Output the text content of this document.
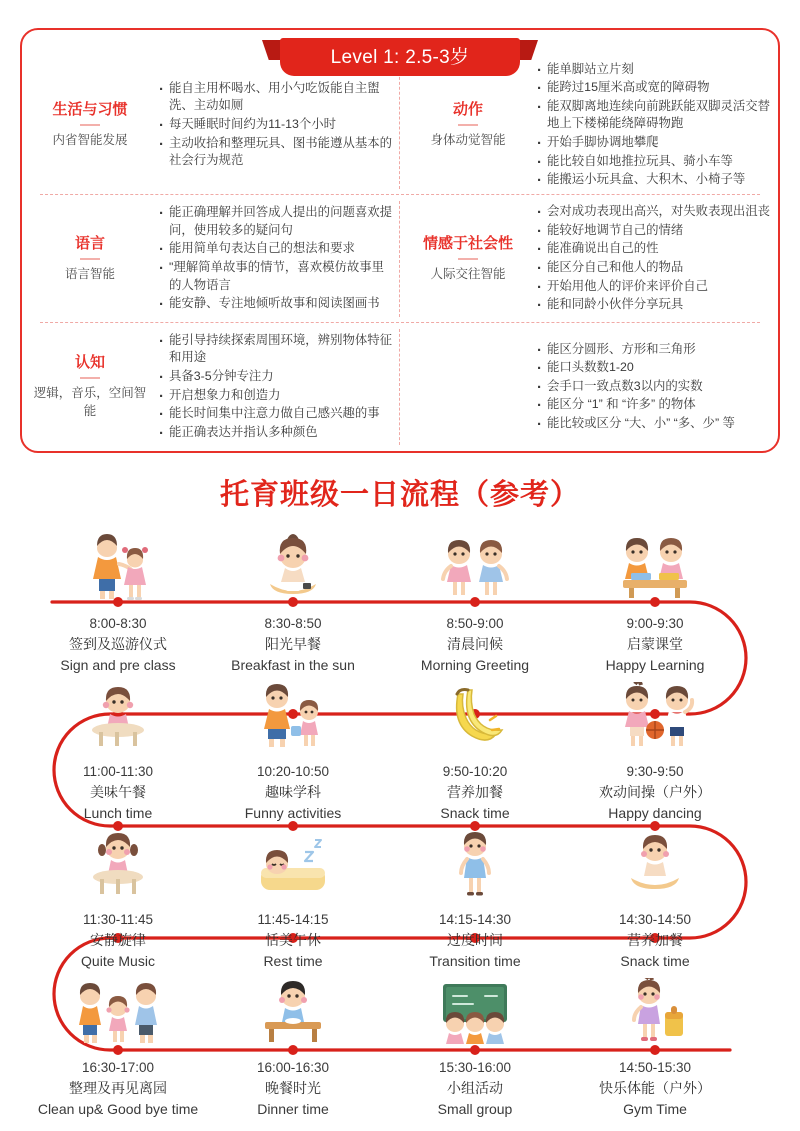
Level 1: 2.5-3岁
生活与习惯
内省智能发展
· 能自主用杯喝水、用小勺吃饭能自主盥洗、主动如厕
· 每天睡眠时间约为11-13个小时
· 主动收拾和整理玩具、图书能遵从基本的社会行为规范
动作
身体动觉智能
· 能单脚站立片刻
· 能跨过15厘米高或宽的障碍物
· 能双脚离地连续向前跳跃能双脚灵活交替地上下楼梯能绕障碍物跑
· 开始手脚协调地攀爬
· 能比较自如地推拉玩具、骑小车等
· 能搬运小玩具盒、大积木、小椅子等
语言
语言智能
· 能正确理解并回答成人提出的问题喜欢提问，使用较多的疑问句
· 能用简单句表达自己的想法和要求
· "理解简单故事的情节，喜欢模仿故事里的人物语言
· 能安静、专注地倾听故事和阅读图画书
情感于社会性
人际交往智能
· 会对成功表现出高兴，对失败表现出沮丧
· 能较好地调节自己的情绪
· 能准确说出自己的性
· 能区分自己和他人的物品
· 开始用他人的评价来评价自己
· 能和同龄小伙伴分享玩具
认知
逻辑，音乐，空间智能
· 能引导持续探索周围环境，辨别物体特征和用途
· 具备3-5分钟专注力
· 开启想象力和创造力
· 能长时间集中注意力做自己感兴趣的事
· 能正确表达并指认多种颜色
· 能区分圆形、方形和三角形
· 能口头数数1-20
· 会手口一致点数3以内的实数
· 能区分 “1” 和 “许多” 的物体
· 能比较或区分 “大、小” “多、少” 等
托育班级一日流程（参考）
8:00-8:30
签到及巡游仪式
Sign and pre class
8:30-8:50
阳光早餐
Breakfast in the sun
8:50-9:00
清晨问候
Morning Greeting
9:00-9:30
启蒙课堂
Happy Learning
11:00-11:30
美味午餐
Lunch time
10:20-10:50
趣味学科
Funny activities
9:50-10:20
营养加餐
Snack time
9:30-9:50
欢动间操（户外）
Happy dancing
11:30-11:45
安静旋律
Quite Music
11:45-14:15
恬美午休
Rest time
14:15-14:30
过度时间
Transition time
14:30-14:50
营养加餐
Snack time
16:30-17:00
整理及再见离园
Clean up& Good bye time
16:00-16:30
晚餐时光
Dinner time
15:30-16:00
小组活动
Small group
14:50-15:30
快乐体能（户外）
Gym Time
